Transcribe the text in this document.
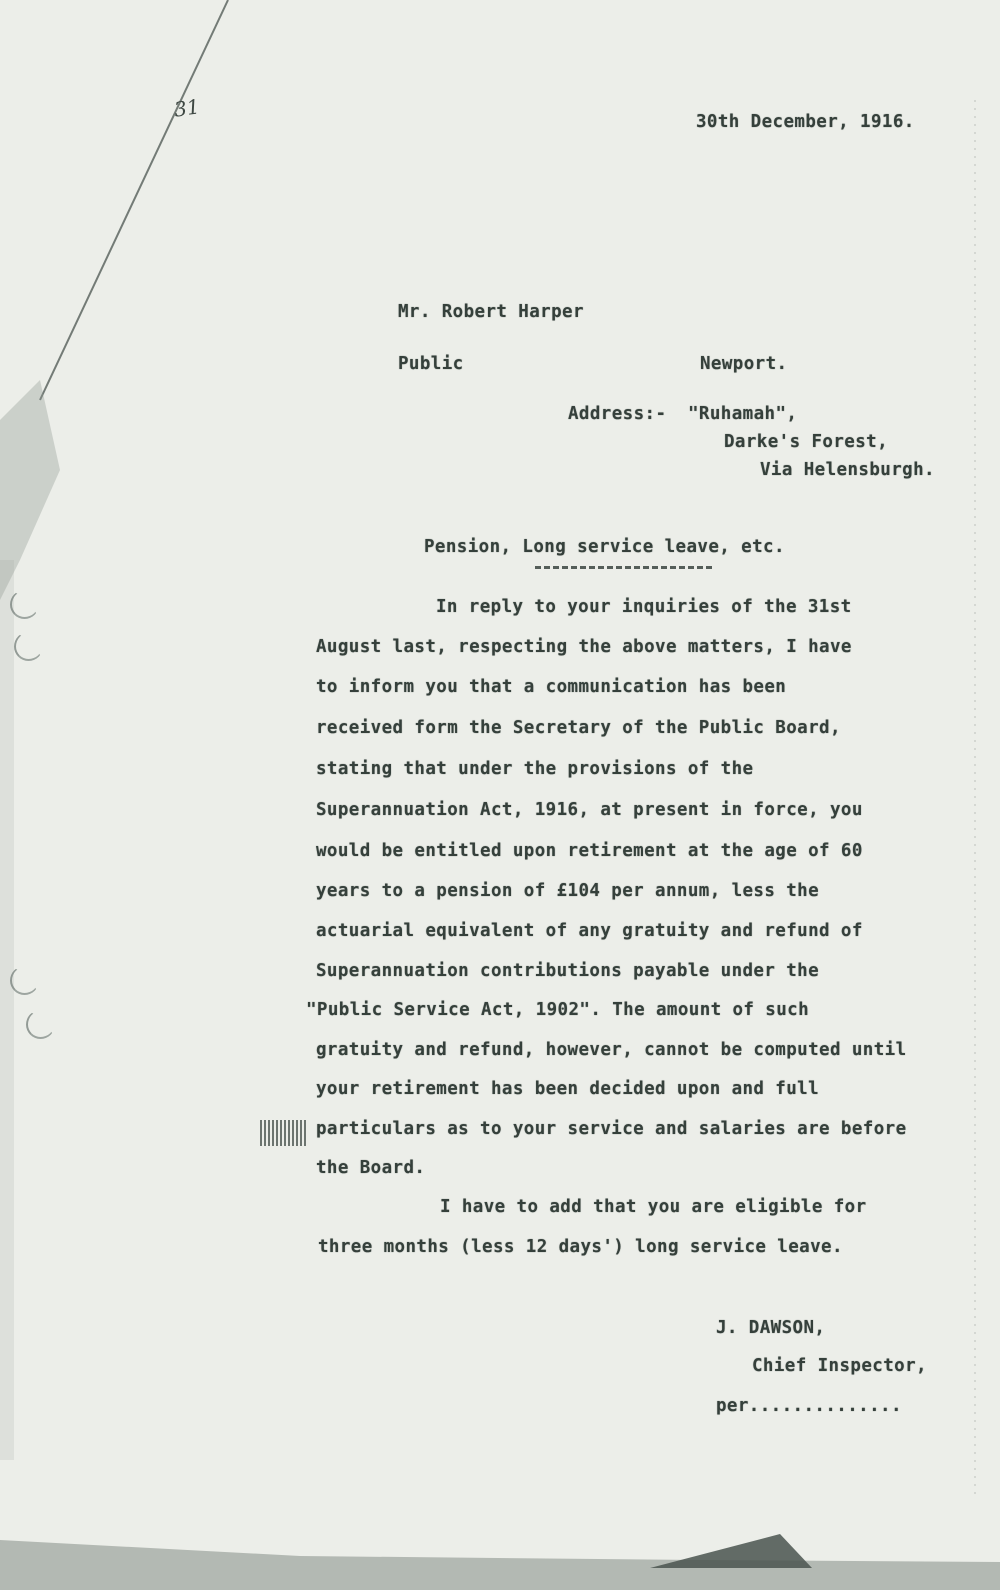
31
30th December, 1916.
Mr. Robert Harper
Public	Newport.
Address:- "Ruhamah",
Darke's Forest,
Via Helensburgh.
Pension, Long service leave, etc.
In reply to your inquiries of the 31st
August last, respecting the above matters, I have
to inform you that a communication has been
received form the Secretary of the Public Board,
stating that under the provisions of the
Superannuation Act, 1916, at present in force, you
would be entitled upon retirement at the age of 60
years to a pension of £104 per annum, less the
actuarial equivalent of any gratuity and refund of
Superannuation contributions payable under the
"Public Service Act, 1902". The amount of such
gratuity and refund, however, cannot be computed until
your retirement has been decided upon and full
particulars as to your service and salaries are before
the Board.
I have to add that you are eligible for
three months (less 12 days') long service leave.
J. DAWSON,
Chief Inspector,
per..............
